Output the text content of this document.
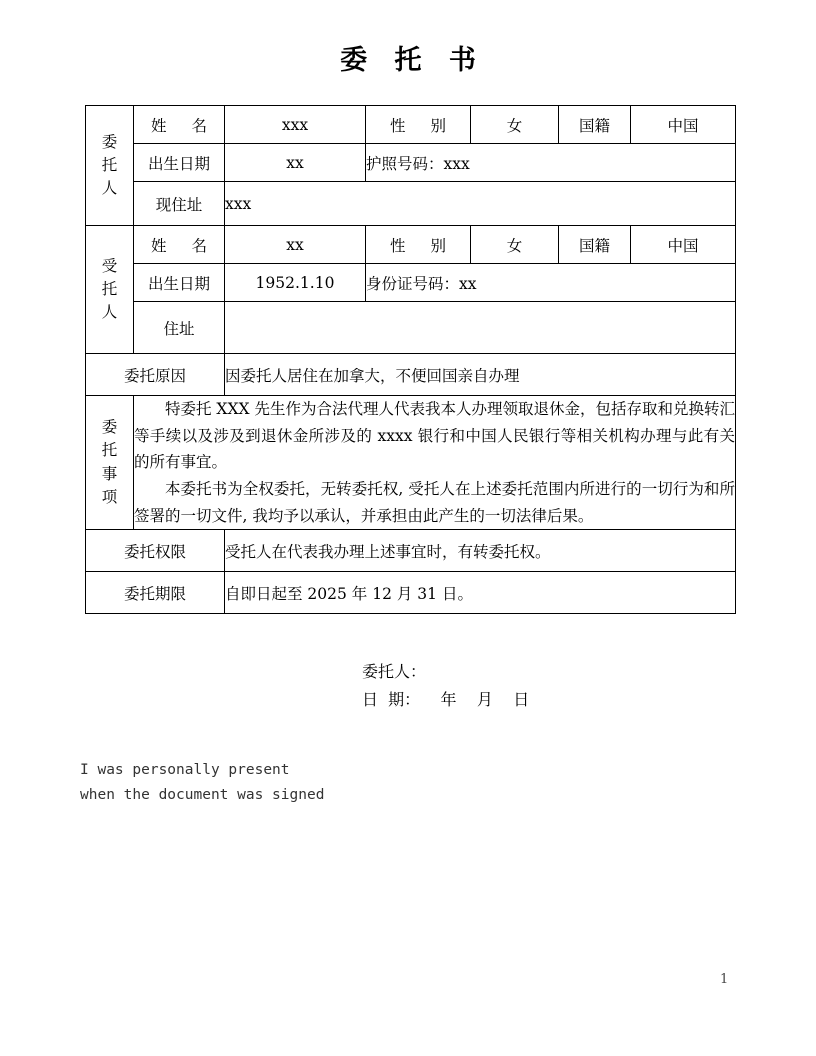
委 托 书
委
托
人	姓 名	xxx	性 别	女	国籍	中国
	出生日期	xx	护照号码：xxx			
	现住址	xxx				

受
托
人	姓 名	xx	性 别	女	国籍	中国
	出生日期	1952.1.10	身份证号码：xx			
	住址					
委托原因		因委托人居住在加拿大，不便回国亲自办理				

委
托
事
项

特委托 XXX 先生作为合法代理人代表我本人办理领取退休金，包括存取和兑换转汇等手续以及涉及到退休金所涉及的 xxxx 银行和中国人民银行等相关机构办理与此有关的所有事宜。

本委托书为全权委托，无转委托权, 受托人在上述委托范围内所进行的一切行为和所签署的一切文件, 我均予以承认，并承担由此产生的一切法律后果。

委托权限		受托人在代表我办理上述事宜时，有转委托权。				
委托期限		自即日起至 2025 年 12 月 31 日。				
委托人：
日  期：    年    月    日
I was personally present
when the document was signed
1
